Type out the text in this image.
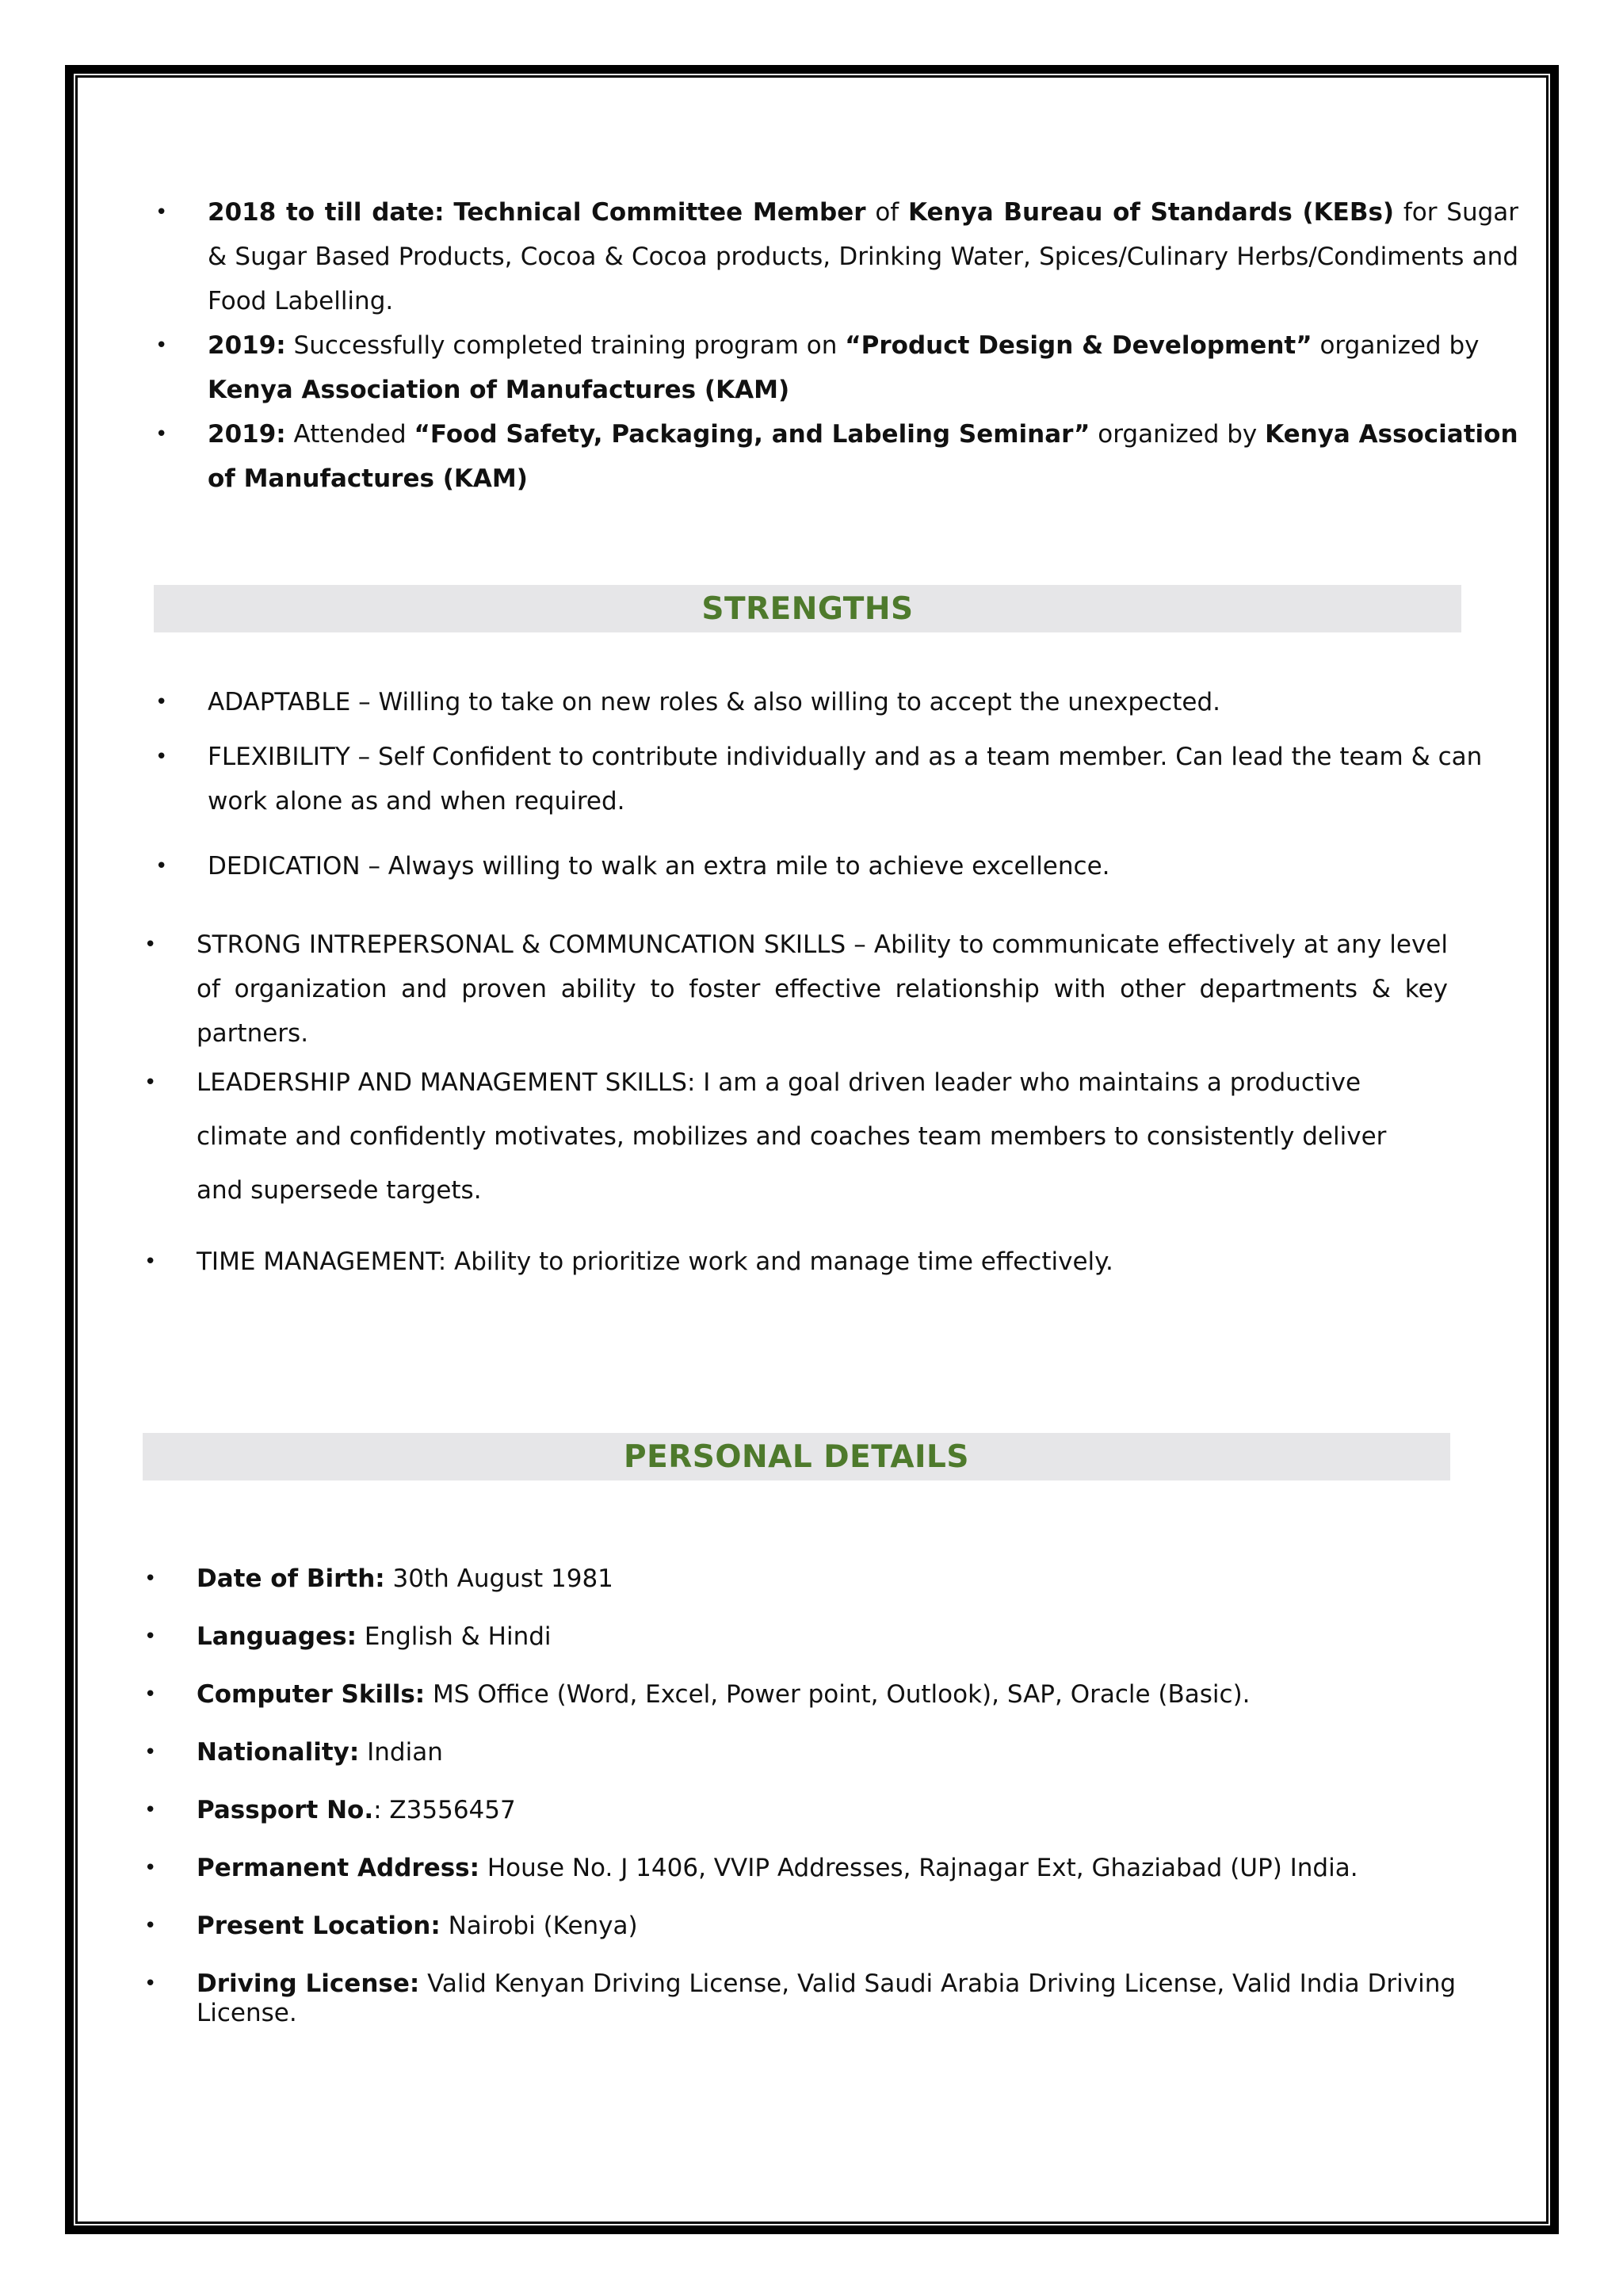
• 2018 to till date: Technical Committee Member of Kenya Bureau of Standards (KEBs) for Sugar & Sugar Based Products, Cocoa & Cocoa products, Drinking Water, Spices/Culinary Herbs/Condiments and Food Labelling.
• 2019: Successfully completed training program on “Product Design & Development” organized by Kenya Association of Manufactures (KAM)
• 2019: Attended “Food Safety, Packaging, and Labeling Seminar” organized by Kenya Association of Manufactures (KAM)
STRENGTHS
• ADAPTABLE – Willing to take on new roles & also willing to accept the unexpected.
• FLEXIBILITY – Self Confident to contribute individually and as a team member. Can lead the team & can work alone as and when required.
• DEDICATION – Always willing to walk an extra mile to achieve excellence.
• STRONG INTREPERSONAL & COMMUNCATION SKILLS – Ability to communicate effectively at any level of organization and proven ability to foster effective relationship with other departments & key partners.
• LEADERSHIP AND MANAGEMENT SKILLS: I am a goal driven leader who maintains a productive climate and confidently motivates, mobilizes and coaches team members to consistently deliver and supersede targets.
• TIME MANAGEMENT: Ability to prioritize work and manage time effectively.
PERSONAL DETAILS
• Date of Birth: 30th August 1981
• Languages: English & Hindi
• Computer Skills: MS Office (Word, Excel, Power point, Outlook), SAP, Oracle (Basic).
• Nationality: Indian
• Passport No.: Z3556457
• Permanent Address: House No. J 1406, VVIP Addresses, Rajnagar Ext, Ghaziabad (UP) India.
• Present Location: Nairobi (Kenya)
• Driving License: Valid Kenyan Driving License, Valid Saudi Arabia Driving License, Valid India Driving License.
